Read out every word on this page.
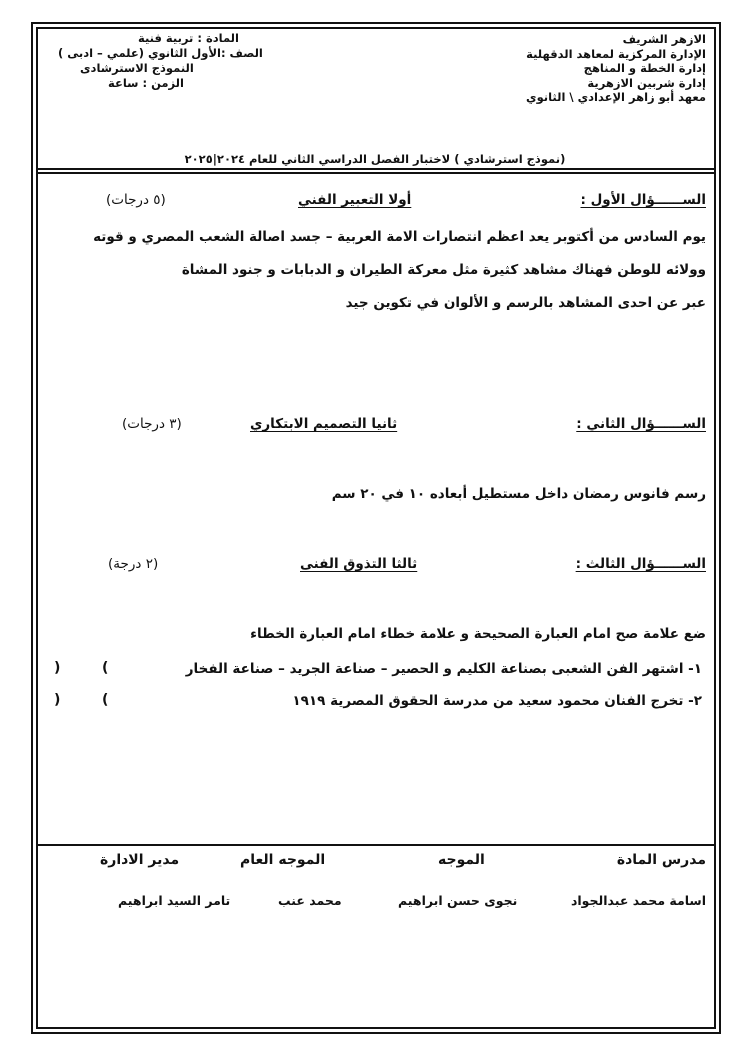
الازهر الشريف
الإدارة المركزية لمعاهد الدقهلية
إدارة الخطة و المناهج
إدارة شربين الازهرية
معهد أبو زاهر الإعدادي \ الثانوي
المادة : تربية فنية
الصف :الأول الثانوي (علمي – ادبى )
النموذج الاسترشادى
الزمن : ساعة
(نموذج استرشادي ) لاختبار الفصل الدراسي الثاني للعام ٢٠٢٤|٢٠٢٥
الســــــؤال الأول :
أولا التعبير الفني
(٥ درجات)
يوم السادس من أكتوبر يعد اعظم انتصارات الامة العربية – جسد اصالة الشعب المصري و قوته
وولائه للوطن فهناك مشاهد كثيرة مثل معركة الطيران و الدبابات و جنود المشاة
عبر عن احدى المشاهد بالرسم و الألوان في تكوين جيد
الســــــؤال الثاني :
ثانيا التصميم الابتكاري
(٣ درجات)
رسم فانوس رمضان داخل مستطيل أبعاده ١٠ في ٢٠ سم
الســــــؤال الثالث :
ثالثا التذوق الفنى
(٢ درجة)
ضع علامة صح امام العبارة الصحيحة و علامة خطاء امام العبارة الخطاء
١- اشتهر الفن الشعبى بصناعة الكليم و الحصير – صناعة الجريد – صناعة الفخار
(
)
٢- تخرج الفنان محمود سعيد من مدرسة الحقوق المصرية ١٩١٩
(
)
مدرس المادة
الموجه
الموجه العام
مدير الادارة
اسامة محمد عبدالجواد
نجوى حسن ابراهيم
محمد عنب
تامر السيد ابراهيم
